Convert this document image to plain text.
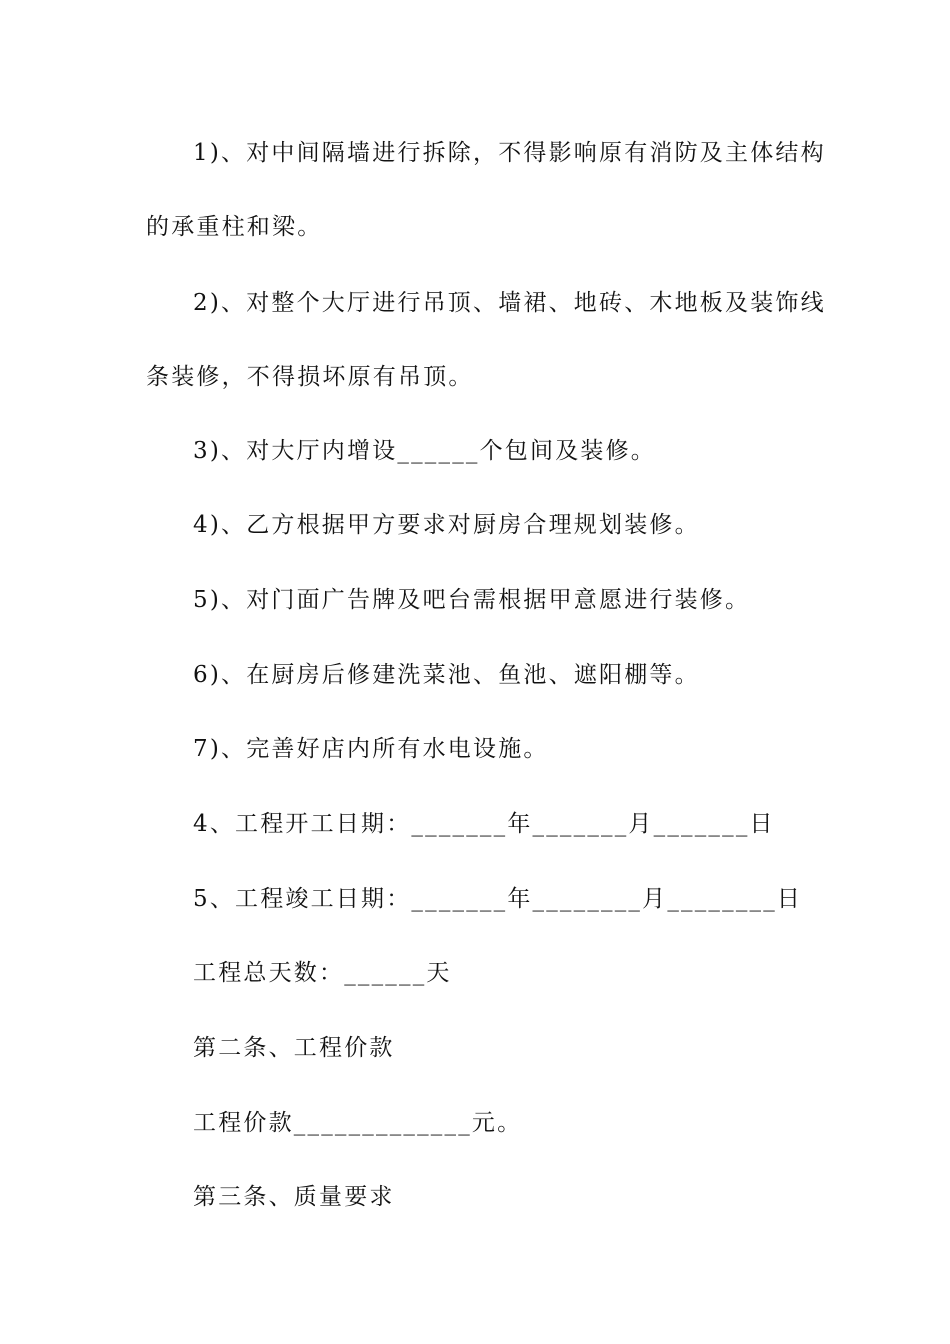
1)、对中间隔墙进行拆除，不得影响原有消防及主体结构
的承重柱和梁。
2)、对整个大厅进行吊顶、墙裙、地砖、木地板及装饰线
条装修，不得损坏原有吊顶。
3)、对大厅内增设______个包间及装修。
4)、乙方根据甲方要求对厨房合理规划装修。
5)、对门面广告牌及吧台需根据甲意愿进行装修。
6)、在厨房后修建洗菜池、鱼池、遮阳棚等。
7)、完善好店内所有水电设施。
4、工程开工日期：_______年_______月_______日
5、工程竣工日期：_______年________月________日
工程总天数：______天
第二条、工程价款
工程价款_____________元。
第三条、质量要求
